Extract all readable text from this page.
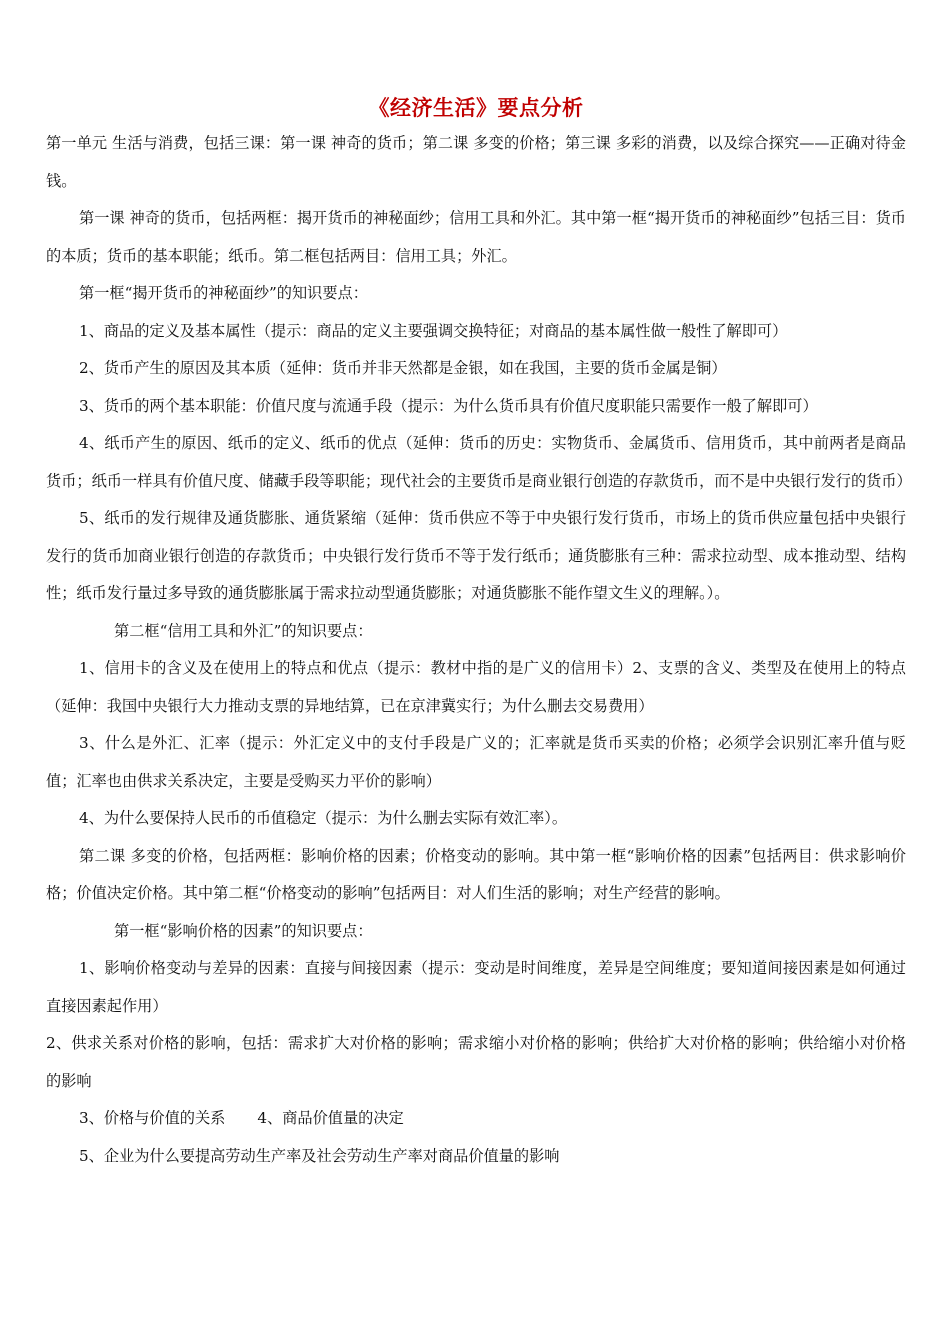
《经济生活》要点分析

第一单元 生活与消费，包括三课：第一课 神奇的货币；第二课 多变的价格；第三课 多彩的消费，以及综合探究——正确对待金钱。

第一课 神奇的货币，包括两框：揭开货币的神秘面纱；信用工具和外汇。其中第一框“揭开货币的神秘面纱”包括三目：货币的本质；货币的基本职能；纸币。第二框包括两目：信用工具；外汇。

第一框“揭开货币的神秘面纱”的知识要点：

1、商品的定义及基本属性（提示：商品的定义主要强调交换特征；对商品的基本属性做一般性了解即可）

2、货币产生的原因及其本质（延伸：货币并非天然都是金银，如在我国，主要的货币金属是铜）

3、货币的两个基本职能：价值尺度与流通手段（提示：为什么货币具有价值尺度职能只需要作一般了解即可）

4、纸币产生的原因、纸币的定义、纸币的优点（延伸：货币的历史：实物货币、金属货币、信用货币，其中前两者是商品货币；纸币一样具有价值尺度、储藏手段等职能；现代社会的主要货币是商业银行创造的存款货币，而不是中央银行发行的货币）

5、纸币的发行规律及通货膨胀、通货紧缩（延伸：货币供应不等于中央银行发行货币，市场上的货币供应量包括中央银行发行的货币加商业银行创造的存款货币；中央银行发行货币不等于发行纸币；通货膨胀有三种：需求拉动型、成本推动型、结构性；纸币发行量过多导致的通货膨胀属于需求拉动型通货膨胀；对通货膨胀不能作望文生义的理解。）。

第二框“信用工具和外汇”的知识要点：

1、信用卡的含义及在使用上的特点和优点（提示：教材中指的是广义的信用卡）2、支票的含义、类型及在使用上的特点（延伸：我国中央银行大力推动支票的异地结算，已在京津冀实行；为什么删去交易费用）

3、什么是外汇、汇率（提示：外汇定义中的支付手段是广义的；汇率就是货币买卖的价格；必须学会识别汇率升值与贬值；汇率也由供求关系决定，主要是受购买力平价的影响）

4、为什么要保持人民币的币值稳定（提示：为什么删去实际有效汇率）。

第二课 多变的价格，包括两框：影响价格的因素；价格变动的影响。其中第一框“影响价格的因素”包括两目：供求影响价格；价值决定价格。其中第二框“价格变动的影响”包括两目：对人们生活的影响；对生产经营的影响。

第一框“影响价格的因素”的知识要点：

1、影响价格变动与差异的因素：直接与间接因素（提示：变动是时间维度，差异是空间维度；要知道间接因素是如何通过直接因素起作用）

2、供求关系对价格的影响，包括：需求扩大对价格的影响；需求缩小对价格的影响；供给扩大对价格的影响；供给缩小对价格的影响

3、价格与价值的关系 4、商品价值量的决定

5、企业为什么要提高劳动生产率及社会劳动生产率对商品价值量的影响
